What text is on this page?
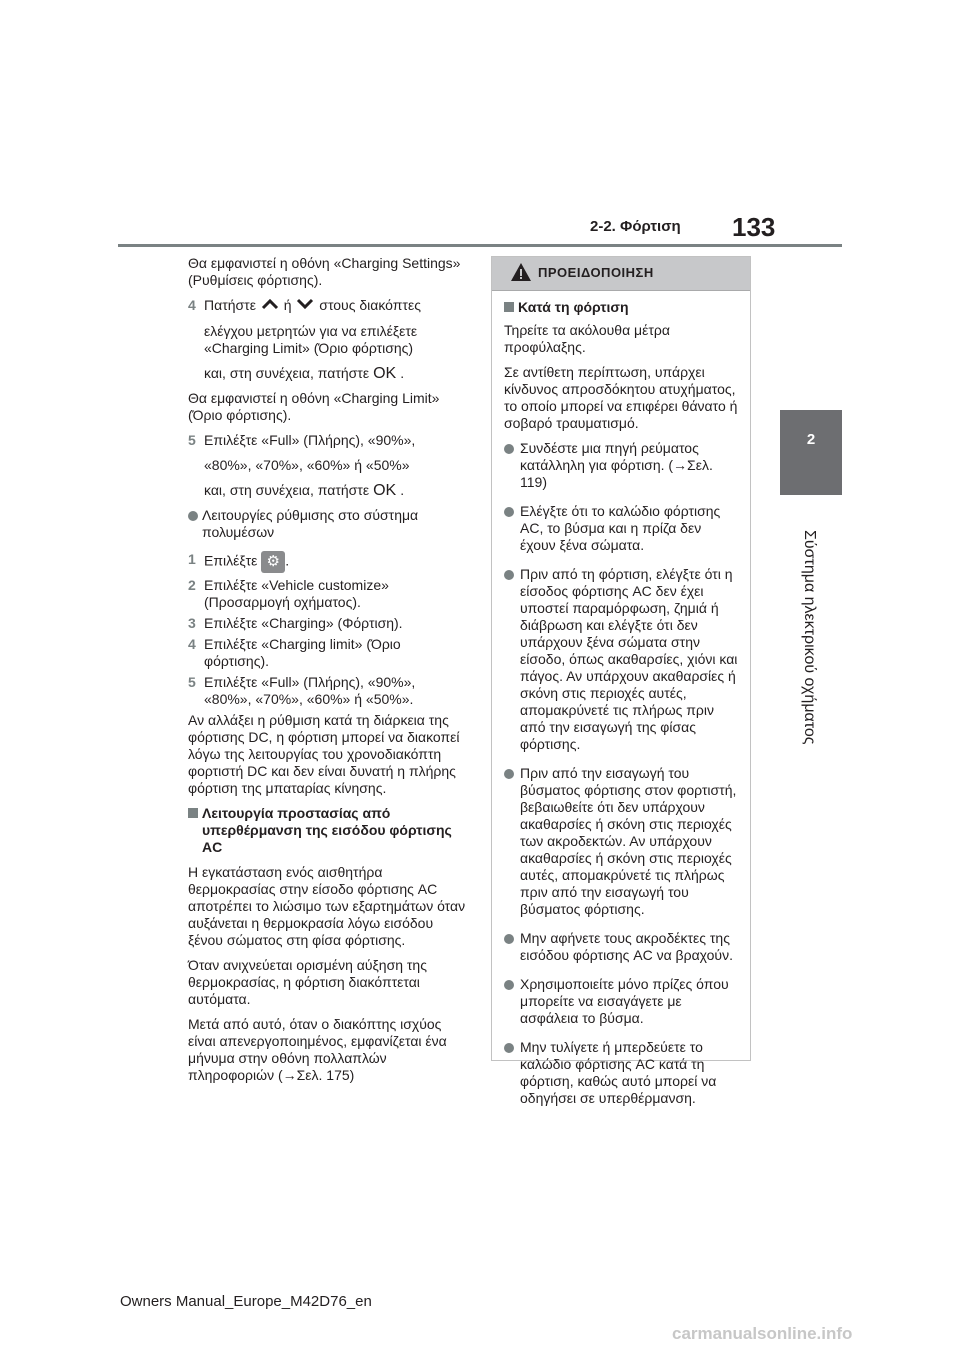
2-2. Φόρτιση 133
2
Σύστημα ηλεκτρικού οχήματος

Θα εμφανιστεί η οθόνη «Charging Settings» (Ρυθμίσεις φόρτισης).

4 Πατήστε ή στους διακόπτες
ελέγχου μετρητών για να επιλέξετε «Charging Limit» (Όριο φόρτισης)
και, στη συνέχεια, πατήστε OK .

Θα εμφανιστεί η οθόνη «Charging Limit» (Όριο φόρτισης).

5 Επιλέξτε «Full» (Πλήρης), «90%»,
«80%», «70%», «60%» ή «50%»
και, στη συνέχεια, πατήστε OK .
Λειτουργίες ρύθμισης στο σύστημα πολυμέσων
1 Επιλέξτε ⚙ .
2 Επιλέξτε «Vehicle customize» (Προσαρμογή οχήματος).
3 Επιλέξτε «Charging» (Φόρτιση).
4 Επιλέξτε «Charging limit» (Όριο φόρτισης).
5 Επιλέξτε «Full» (Πλήρης), «90%», «80%», «70%», «60%» ή «50%».

Αν αλλάξει η ρύθμιση κατά τη διάρκεια της φόρτισης DC, η φόρτιση μπορεί να διακοπεί λόγω της λειτουργίας του χρονοδιακόπτη φορτιστή DC και δεν είναι δυνατή η πλήρης φόρτιση της μπαταρίας κίνησης.

Λειτουργία προστασίας από υπερθέρμανση της εισόδου φόρτισης AC

Η εγκατάσταση ενός αισθητήρα θερμοκρασίας στην είσοδο φόρτισης AC αποτρέπει το λιώσιμο των εξαρτημάτων όταν αυξάνεται η θερμοκρασία λόγω εισόδου ξένου σώματος στη φίσα φόρτισης.

Όταν ανιχνεύεται ορισμένη αύξηση της θερμοκρασίας, η φόρτιση διακόπτεται αυτόματα.

Μετά από αυτό, όταν ο διακόπτης ισχύος είναι απενεργοποιημένος, εμφανίζεται ένα μήνυμα στην οθόνη πολλαπλών πληροφοριών (→Σελ. 175)

ΠΡΟΕΙΔΟΠΟΙΗΣΗ
Κατά τη φόρτιση

Τηρείτε τα ακόλουθα μέτρα προφύλαξης.

Σε αντίθετη περίπτωση, υπάρχει κίνδυνος απροσδόκητου ατυχήματος, το οποίο μπορεί να επιφέρει θάνατο ή σοβαρό τραυματισμό.

Συνδέστε μια πηγή ρεύματος κατάλληλη για φόρτιση. (→Σελ. 119)
Ελέγξτε ότι το καλώδιο φόρτισης AC, το βύσμα και η πρίζα δεν έχουν ξένα σώματα.
Πριν από τη φόρτιση, ελέγξτε ότι η είσοδος φόρτισης AC δεν έχει υποστεί παραμόρφωση, ζημιά ή διάβρωση και ελέγξτε ότι δεν υπάρχουν ξένα σώματα στην είσοδο, όπως ακαθαρσίες, χιόνι και πάγος. Αν υπάρχουν ακαθαρσίες ή σκόνη στις περιοχές αυτές, απομακρύνετέ τις πλήρως πριν από την εισαγωγή της φίσας φόρτισης.
Πριν από την εισαγωγή του βύσματος φόρτισης στον φορτιστή, βεβαιωθείτε ότι δεν υπάρχουν ακαθαρσίες ή σκόνη στις περιοχές των ακροδεκτών. Αν υπάρχουν ακαθαρσίες ή σκόνη στις περιοχές αυτές, απομακρύνετέ τις πλήρως πριν από την εισαγωγή του βύσματος φόρτισης.
Μην αφήνετε τους ακροδέκτες της εισόδου φόρτισης AC να βραχούν.
Χρησιμοποιείτε μόνο πρίζες όπου μπορείτε να εισαγάγετε με ασφάλεια το βύσμα.
Μην τυλίγετε ή μπερδεύετε το καλώδιο φόρτισης AC κατά τη φόρτιση, καθώς αυτό μπορεί να οδηγήσει σε υπερθέρμανση.
Owners Manual_Europe_M42D76_en
carmanualsonline.info
